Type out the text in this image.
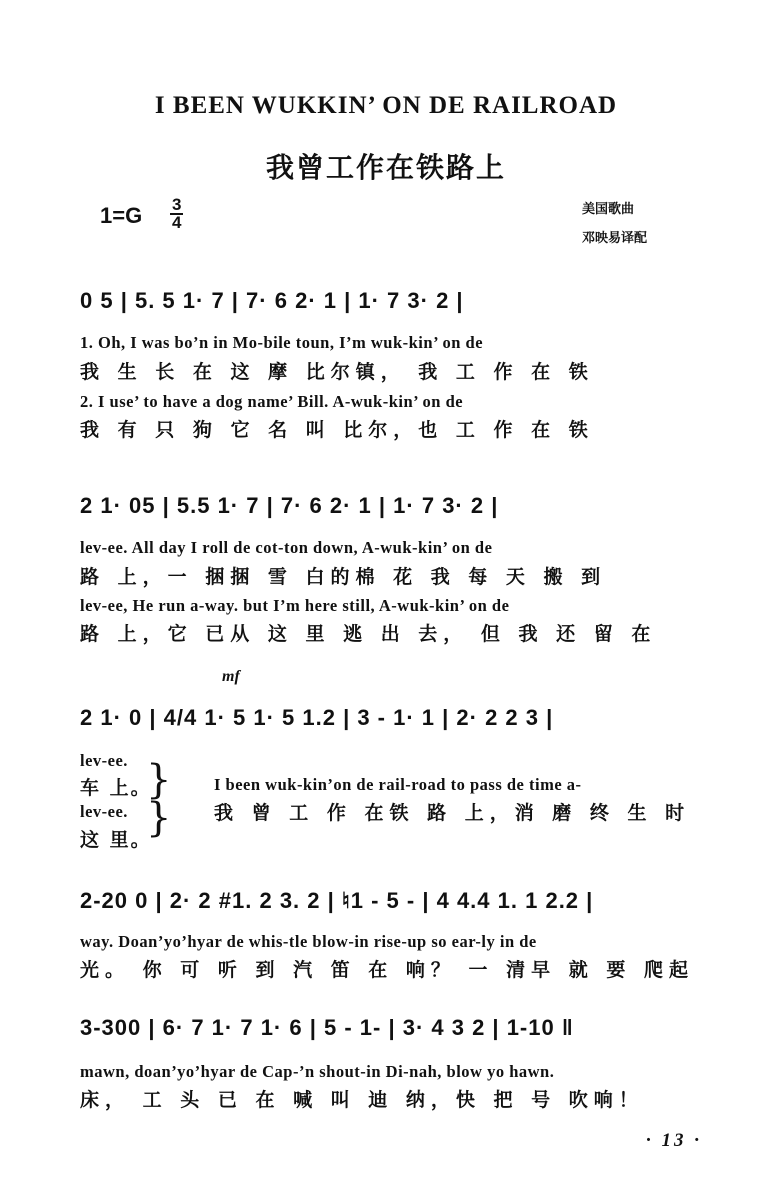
I BEEN WUKKIN’ ON DE RAILROAD
我曾工作在铁路上
$1=G \frac{3}{4}$	美国歌曲
邓映易译配
0 5 | 5. 5 1· 7 | 7· 6 2· 1 | 1· 7 3· 2 |
1. Oh, I was bo’n in Mo-bile toun, I’m wuk-kin’ on de
我 生 长 在 这 摩 比尔镇， 我 工 作 在 铁
2. I use’ to have a dog name’ Bill. A-wuk-kin’ on de
我 有 只 狗 它 名 叫 比尔，也 工 作 在 铁
2 1· 05 | 5.5 1· 7 | 7· 6 2· 1 | 1· 7 3· 2 |
lev-ee. All day I roll de cot-ton down, A-wuk-kin’ on de
路 上，一 捆捆 雪 白的棉 花 我 每 天 搬 到
lev-ee, He run a-way. but I’m here still, A-wuk-kin’ on de
路 上，它 已从 这 里 逃 出 去， 但 我 还 留 在
mf
2 1· 0 | 4/4 1· 5 1· 5 1.2 | 3 - 1· 1 | 2· 2 2 3 |
lev-ee.
车 上。
lev-ee.
这 里。
}
}
I been wuk-kin’on de rail-road to pass de time a-
我 曾 工 作 在铁 路 上，消 磨 终 生 时
2-20 0 | 2· 2 #1. 2 3. 2 | ♮1 - 5 - | 4 4.4 1. 1 2.2 |
way. Doan’yo’hyar de whis-tle blow-in rise-up so ear-ly in de
光。 你 可 听 到 汽 笛 在 响？ 一 清早 就 要 爬起
3-300 | 6· 7 1· 7 1· 6 | 5 - 1- | 3· 4 3 2 | 1-10 ‖
mawn, doan’yo’hyar de Cap-’n shout-in Di-nah, blow yo hawn.
床， 工 头 已 在 喊 叫 迪 纳，快 把 号 吹响！
· 13 ·
